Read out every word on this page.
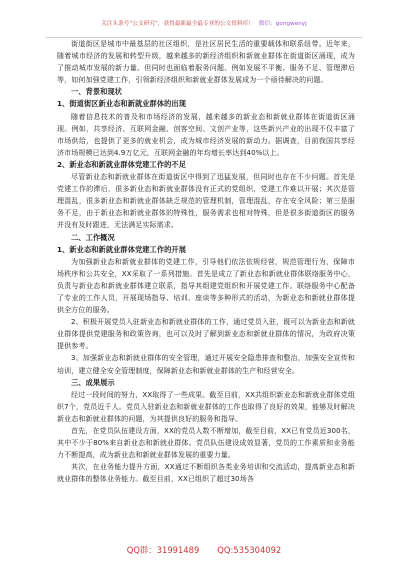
关注头条号“公文研究”，获得最新最全最专业的公文资料库！ 微信：gongwenyj

街道街区是城市中最基层的社区组织，是社区居民生活的重要载体和联系纽带。近年来，随着城市经济的发展和转型升级，越来越多的新经济组织和新就业群体在街道街区涌现，成为了推动城市发展的新力量。但同时也面临着服务问题、例如发展不平衡、服务不足、管理滞后等，如何加强党建工作，引领新经济组织和新就业群体发展成为一个亟待解决的问题。

一、背景和现状

1、街道街区新业态和新就业群体的出现

随着信息技术的普及和市场经济的发展，越来越多的新业态和新就业群体在街道街区涌现。例如，共享经济、互联网金融、创客空间、文创产业等，这些新兴产业的出现不仅丰富了市场供给，也提供了更多的就业机会，成为城市经济发展的新动力。据调查，目前我国共享经济市场规模已达到4.9万亿元，互联网金融的年均增长率达到40%以上。

2、新业态和新就业群体党建工作的不足

尽管新业态和新就业群体在街道街区中得到了迅猛发展，但同时也存在不少问题。首先是党建工作的滞后，很多新业态和新就业群体没有正式的党组织，党建工作难以开展；其次是管理混乱，很多新业态和新就业群体缺乏规范的管理机制，管理混乱，存在安全风险；第三是服务不足，由于新业态和新就业群体的特殊性，服务需求也相对特殊，但是很多街道街区的服务并没有及时跟进，无法满足实际需求。

二、工作概况

1、新业态和新就业群体党建工作的开展

为加强新业态和新就业群体的党建工作，引导他们依法依规经营，规范管理行为，保障市场秩序和公共安全，XX采取了一系列措施。首先是成立了新业态和新就业群体联络服务中心，负责与新业态和新就业群体建立联系，指导其组建党组织和开展党建工作。联络服务中心配备了专业的工作人员，开展现场指导、培训、座谈等多种形式的活动，为新业态和新就业群体提供全方位的服务。

2、积极开展党员入驻新业态和新就业群体的工作，通过党员入驻，既可以为新业态和新就业群体提供党建服务和政策咨询，也可以及时了解到新业态和新就业群体的情况，为政府决策提供参考。

3、加强新业态和新就业群体的安全管理，通过开展安全隐患排查和整治，加强安全宣传和培训，建立健全安全管理制度，保障新业态和新就业群体的生产和经营安全。

三、成果展示

经过一段时间的努力，XX取得了一些成果。截至目前，XX共组织新业态和新就业群体党组织7个，党员近千人。党员入驻新业态和新就业群体的工作也取得了良好的效果，能够及时解决新业态和新就业群体的问题，为其提供良好的服务和指导。

首先，在党员队伍建设方面，XX的党员人数不断增加，截至目前，XX已有党员近300名，其中不少于80%来自新业态和新就业群体。党员队伍建设成效显著，党员的工作素质和业务能力不断提高，成为新业态和新就业群体发展的重要力量。

其次，在业务能力提升方面，XX通过不断组织各类业务培训和交流活动，提高新业态和新就业群体的整体业务能力。截至目前，XX已组织了超过30场各

QQ群：31991489 QQ:535304092
